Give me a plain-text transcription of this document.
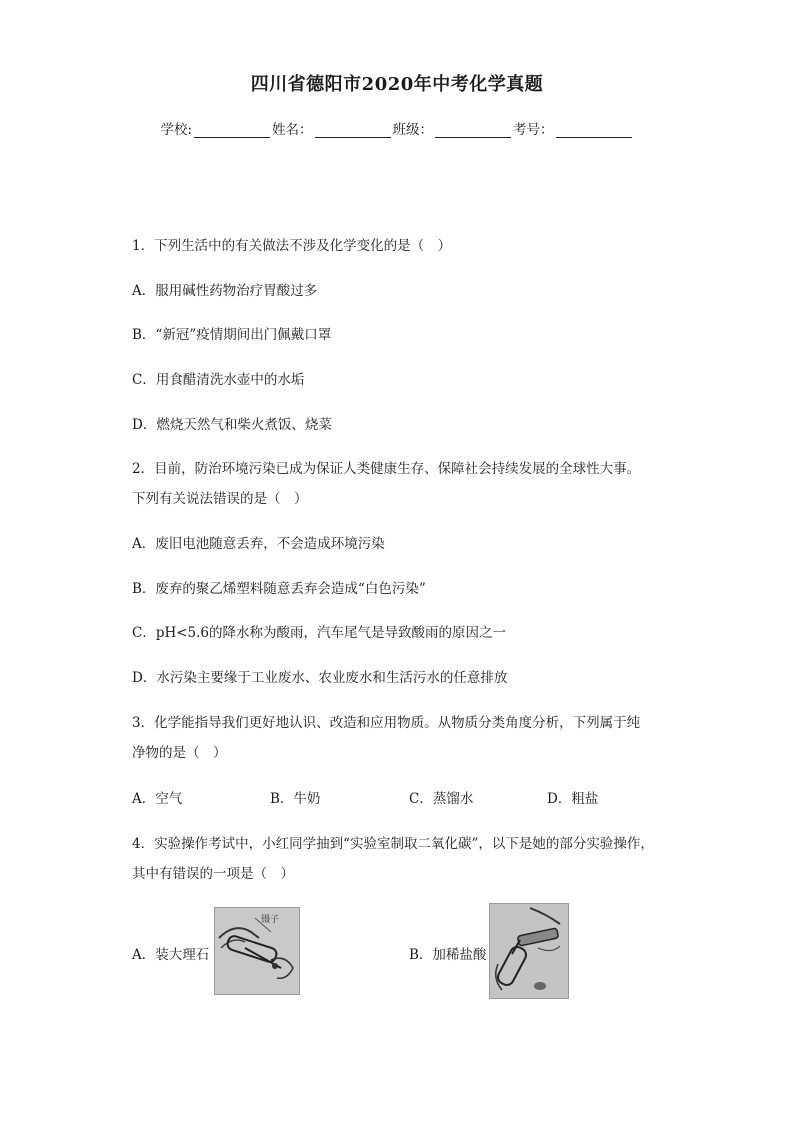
四川省德阳市2020年中考化学真题
学校:	姓名：	班级：	考号：
1．下列生活中的有关做法不涉及化学变化的是（　）
A．服用碱性药物治疗胃酸过多
B．“新冠”疫情期间出门佩戴口罩
C．用食醋清洗水壶中的水垢
D．燃烧天然气和柴火煮饭、烧菜
2．目前，防治环境污染已成为保证人类健康生存、保障社会持续发展的全球性大事。
下列有关说法错误的是（　）
A．废旧电池随意丢弃，不会造成环境污染
B．废弃的聚乙烯塑料随意丢弃会造成“白色污染”
C．pH<5.6的降水称为酸雨，汽车尾气是导致酸雨的原因之一
D．水污染主要缘于工业废水、农业废水和生活污水的任意排放
3．化学能指导我们更好地认识、改造和应用物质。从物质分类角度分析，下列属于纯
净物的是（　）
A．空气	B．牛奶	C．蒸馏水	D．粗盐
4．实验操作考试中，小红同学抽到“实验室制取二氧化碳”，以下是她的部分实验操作，
其中有错误的一项是（　）
A．装大理石
镊子
B．加稀盐酸
